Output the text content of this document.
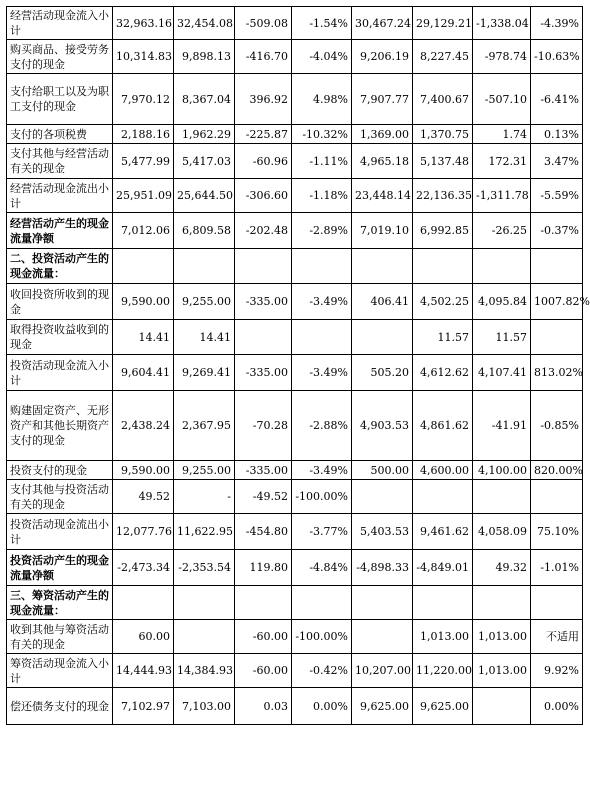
经营活动现金流入小计	32,963.16	32,454.08	-509.08	-1.54%	30,467.24	29,129.21	-1,338.04	-4.39%
购买商品、接受劳务支付的现金	10,314.83	9,898.13	-416.70	-4.04%	9,206.19	8,227.45	-978.74	-10.63%
支付给职工以及为职工支付的现金	7,970.12	8,367.04	396.92	4.98%	7,907.77	7,400.67	-507.10	-6.41%
支付的各项税费	2,188.16	1,962.29	-225.87	-10.32%	1,369.00	1,370.75	1.74	0.13%
支付其他与经营活动有关的现金	5,477.99	5,417.03	-60.96	-1.11%	4,965.18	5,137.48	172.31	3.47%
经营活动现金流出小计	25,951.09	25,644.50	-306.60	-1.18%	23,448.14	22,136.35	-1,311.78	-5.59%
经营活动产生的现金流量净额	7,012.06	6,809.58	-202.48	-2.89%	7,019.10	6,992.85	-26.25	-0.37%
二、投资活动产生的现金流量：								
收回投资所收到的现金	9,590.00	9,255.00	-335.00	-3.49%	406.41	4,502.25	4,095.84	1007.82%
取得投资收益收到的现金	14.41	14.41				11.57	11.57	
投资活动现金流入小计	9,604.41	9,269.41	-335.00	-3.49%	505.20	4,612.62	4,107.41	813.02%
购建固定资产、无形资产和其他长期资产支付的现金	2,438.24	2,367.95	-70.28	-2.88%	4,903.53	4,861.62	-41.91	-0.85%
投资支付的现金	9,590.00	9,255.00	-335.00	-3.49%	500.00	4,600.00	4,100.00	820.00%
支付其他与投资活动有关的现金	49.52	-	-49.52	-100.00%				
投资活动现金流出小计	12,077.76	11,622.95	-454.80	-3.77%	5,403.53	9,461.62	4,058.09	75.10%
投资活动产生的现金流量净额	-2,473.34	-2,353.54	119.80	-4.84%	-4,898.33	-4,849.01	49.32	-1.01%
三、筹资活动产生的现金流量：								
收到其他与筹资活动有关的现金	60.00		-60.00	-100.00%		1,013.00	1,013.00	不适用
筹资活动现金流入小计	14,444.93	14,384.93	-60.00	-0.42%	10,207.00	11,220.00	1,013.00	9.92%
偿还债务支付的现金	7,102.97	7,103.00	0.03	0.00%	9,625.00	9,625.00		0.00%
